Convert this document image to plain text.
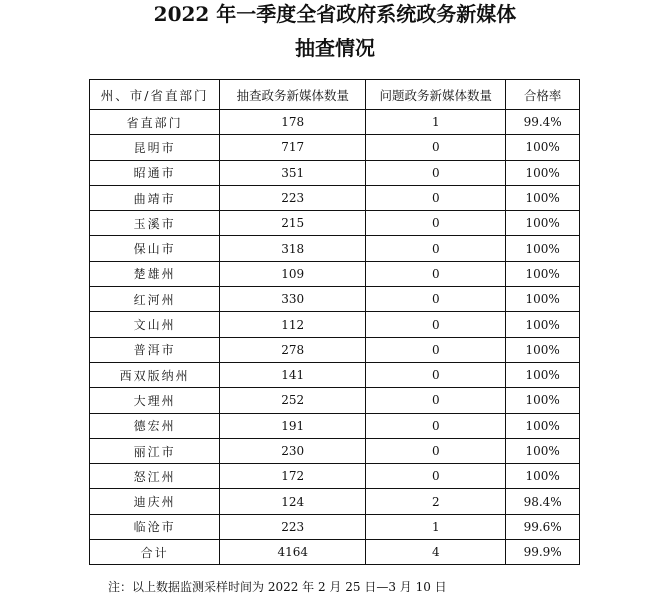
2022 年一季度全省政府系统政务新媒体
抽查情况
州、市/省直部门	抽查政务新媒体数量	问题政务新媒体数量	合格率
省直部门	178	1	99.4%
昆明市	717	0	100%
昭通市	351	0	100%
曲靖市	223	0	100%
玉溪市	215	0	100%
保山市	318	0	100%
楚雄州	109	0	100%
红河州	330	0	100%
文山州	112	0	100%
普洱市	278	0	100%
西双版纳州	141	0	100%
大理州	252	0	100%
德宏州	191	0	100%
丽江市	230	0	100%
怒江州	172	0	100%
迪庆州	124	2	98.4%
临沧市	223	1	99.6%
合计	4164	4	99.9%
注：以上数据监测采样时间为 2022 年 2 月 25 日—3 月 10 日
